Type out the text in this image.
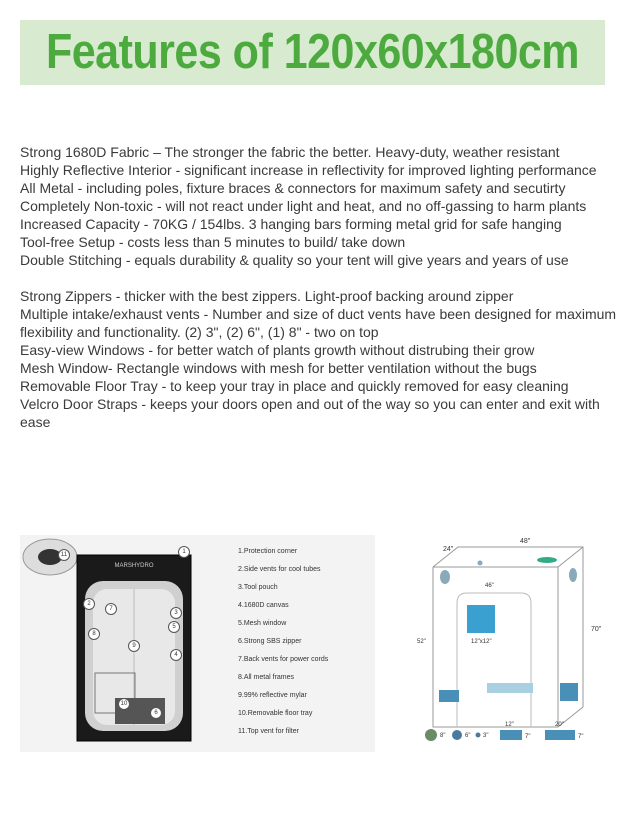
Features of 120x60x180cm

Strong 1680D Fabric – The stronger the fabric the better. Heavy-duty, weather resistant

Highly Reflective Interior - significant increase in reflectivity for improved lighting performance

All Metal - including poles, fixture braces & connectors for maximum safety and secutirty

Completely Non-toxic - will not react under light and heat, and no off-gassing to harm plants

Increased Capacity - 70KG / 154lbs. 3 hanging bars forming metal grid for safe hanging

Tool-free Setup - costs less than 5 minutes to build/ take down

Double Stitching - equals durability & quality so your tent will give years and years of use

Strong Zippers - thicker with the best zippers. Light-proof backing around zipper

Multiple intake/exhaust vents - Number and size of duct vents have been designed for maximum flexibility and functionality. (2) 3", (2) 6", (1) 8" - two on top

Easy-view Windows - for better watch of plants growth without distrubing their grow

Mesh Window- Rectangle windows with mesh for better ventilation without the bugs

Removable Floor Tray - to keep your tray in place and quickly removed for easy cleaning

Velcro Door Straps - keeps your doors open and out of the way so you can enter and exit with ease

MARSHYDRO
1
2
3
4
5
6
7
8
9
10
11	1.Protection corner
2.Side vents for cool tubes
3.Tool pouch
4.1680D canvas
5.Mesh window
6.Strong SBS zipper
7.Back vents for power cords
8.All metal frames
9.99% reflective mylar
10.Removable floor tray
11.Top vent for filter
12"x12"
24"
48"
70"
46"
52"
8"	6" 3"
12"
7"
20"
7"
